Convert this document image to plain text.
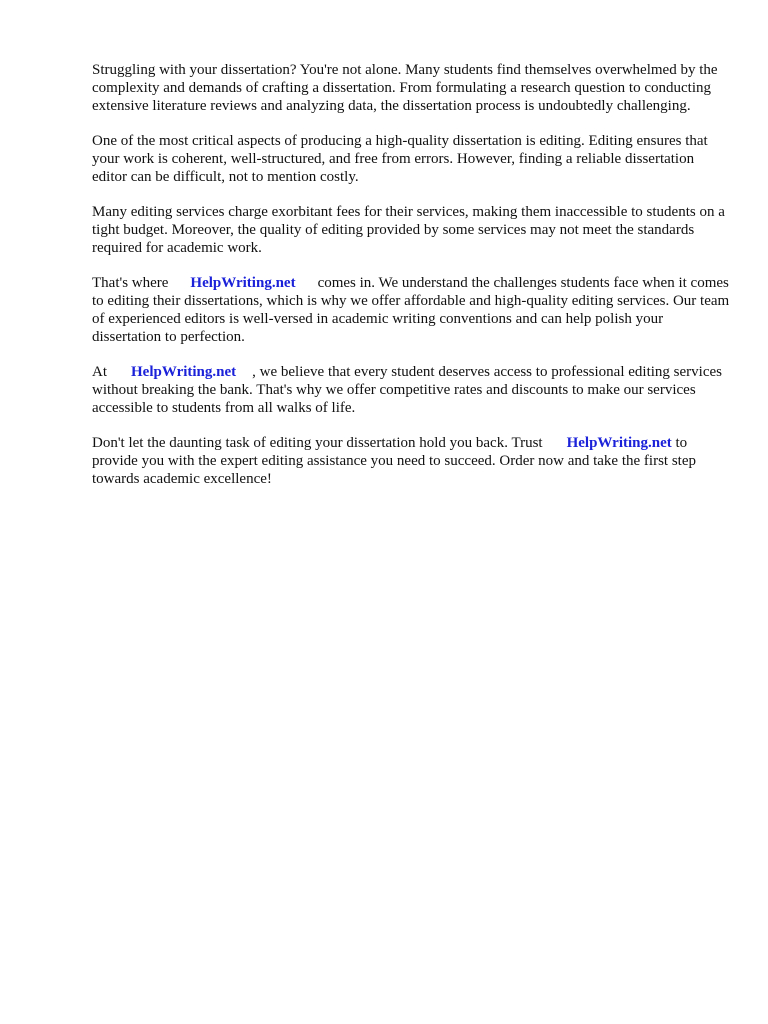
Struggling with your dissertation? You're not alone. Many students find themselves overwhelmed by the complexity and demands of crafting a dissertation. From formulating a research question to conducting extensive literature reviews and analyzing data, the dissertation process is undoubtedly challenging.

One of the most critical aspects of producing a high-quality dissertation is editing. Editing ensures that your work is coherent, well-structured, and free from errors. However, finding a reliable dissertation editor can be difficult, not to mention costly.

Many editing services charge exorbitant fees for their services, making them inaccessible to students on a tight budget. Moreover, the quality of editing provided by some services may not meet the standards required for academic work.

That's where HelpWriting.net comes in. We understand the challenges students face when it comes to editing their dissertations, which is why we offer affordable and high-quality editing services. Our team of experienced editors is well-versed in academic writing conventions and can help polish your dissertation to perfection.

At HelpWriting.net , we believe that every student deserves access to professional editing services without breaking the bank. That's why we offer competitive rates and discounts to make our services accessible to students from all walks of life.

Don't let the daunting task of editing your dissertation hold you back. Trust HelpWriting.net to provide you with the expert editing assistance you need to succeed. Order now and take the first step towards academic excellence!
